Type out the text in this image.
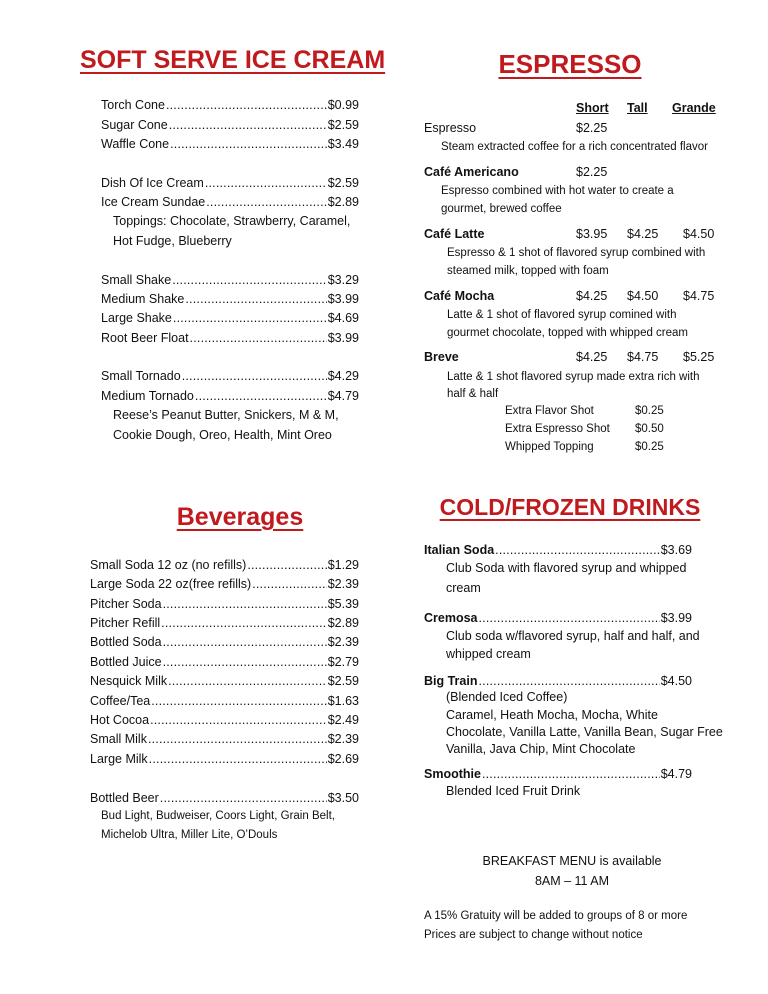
SOFT SERVE ICE CREAM
Torch Cone .....	$0.99
Sugar Cone .....	$2.59
Waffle Cone .....	$3.49
Dish Of Ice Cream .....	$2.59
Ice Cream Sundae .....	$2.89
Toppings: Chocolate, Strawberry, Caramel,
Hot Fudge, Blueberry
Small Shake .....	$3.29
Medium Shake .....	$3.99
Large Shake .....	$4.69
Root Beer Float .....	$3.99
Small Tornado .....	$4.29
Medium Tornado .....	$4.79
Reese’s Peanut Butter, Snickers, M & M,
Cookie Dough, Oreo, Health, Mint Oreo
Beverages
Small Soda 12 oz (no refills) .....	$1.29
Large Soda 22 oz(free refills) .....	$2.39
Pitcher Soda .....	$5.39
Pitcher Refill .....	$2.89
Bottled Soda .....	$2.39
Bottled Juice .....	$2.79
Nesquick Milk .....	$2.59
Coffee/Tea .....	$1.63
Hot Cocoa .....	$2.49
Small Milk .....	$2.39
Large Milk .....	$2.69
Bottled Beer .....	$3.50
Bud Light, Budweiser, Coors Light, Grain Belt,
Michelob Ultra, Miller Lite, O’Douls
ESPRESSO
Short Tall Grande
Espresso	$2.25
Steam extracted coffee for a rich concentrated flavor
Café Americano	$2.25
Espresso combined with hot water to create a
gourmet, brewed coffee
Café Latte	$3.95 $4.25 $4.50
Espresso & 1 shot of flavored syrup combined with
steamed milk, topped with foam
Café Mocha	$4.25 $4.50 $4.75
Latte & 1 shot of flavored syrup comined with
gourmet chocolate, topped with whipped cream
Breve	$4.25 $4.75 $5.25
Latte & 1 shot flavored syrup made extra rich with
half & half
Extra Flavor Shot	$0.25
Extra Espresso Shot $0.50
Whipped Topping	$0.25
COLD/FROZEN DRINKS
Italian Soda .....	$3.69
Club Soda with flavored syrup and whipped
cream
Cremosa .....	$3.99
Club soda w/flavored syrup, half and half, and
whipped cream
Big Train .....	$4.50
(Blended Iced Coffee)
Caramel, Heath Mocha, Mocha, White
Chocolate, Vanilla Latte, Vanilla Bean, Sugar Free
Vanilla, Java Chip, Mint Chocolate
Smoothie .....	$4.79
Blended Iced Fruit Drink
BREAKFAST MENU is available
8AM – 11 AM
A 15% Gratuity will be added to groups of 8 or more
Prices are subject to change without notice
